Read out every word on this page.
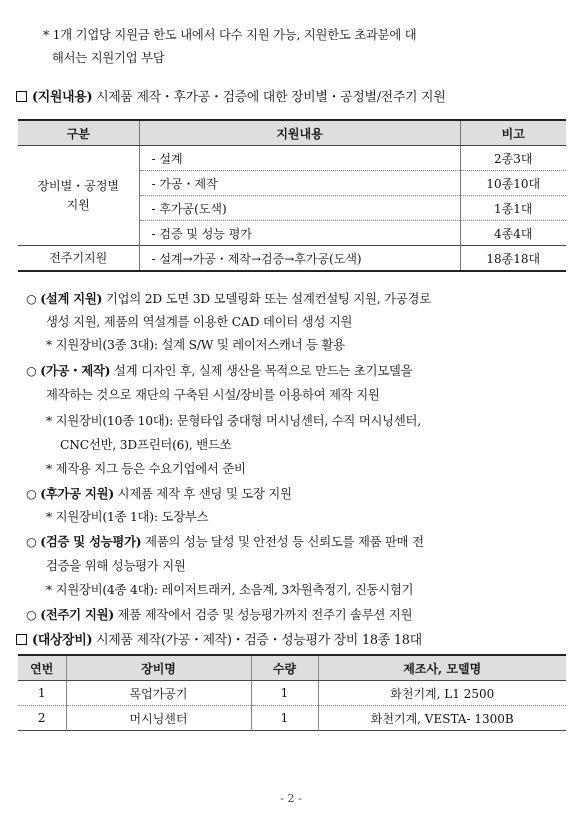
* 1개 기업당 지원금 한도 내에서 다수 지원 가능, 지원한도 초과분에 대
해서는 지원기업 부담
(지원내용) 시제품 제작・후가공・검증에 대한 장비별・공정별/전주기 지원
구분	지원내용	비고
장비별・공정별
지원	- 설계	2종3대
	- 가공・제작	10종10대
	- 후가공(도색)	1종1대
	- 검증 및 성능 평가	4종4대
전주기지원	- 설계→가공・제작→검증→후가공(도색)	18종18대
○ (설계 지원) 기업의 2D 도면 3D 모델링화 또는 설계컨설팅 지원, 가공경로
생성 지원, 제품의 역설계를 이용한 CAD 데이터 생성 지원
* 지원장비(3종 3대): 설계 S/W 및 레이저스캐너 등 활용
○ (가공・제작) 설계 디자인 후, 실제 생산을 목적으로 만드는 초기모델을
제작하는 것으로 재단의 구축된 시설/장비를 이용하여 제작 지원
* 지원장비(10종 10대): 문형타입 중대형 머시닝센터, 수직 머시닝센터,
CNC선반, 3D프린터(6), 밴드쏘
* 제작용 지그 등은 수요기업에서 준비
○ (후가공 지원) 시제품 제작 후 샌딩 및 도장 지원
* 지원장비(1종 1대): 도장부스
○ (검증 및 성능평가) 제품의 성능 달성 및 안전성 등 신뢰도를 제품 판매 전
검증을 위해 성능평가 지원
* 지원장비(4종 4대): 레이저트래커, 소음계, 3차원측정기, 진동시험기
○ (전주기 지원) 제품 제작에서 검증 및 성능평가까지 전주기 솔루션 지원
(대상장비) 시제품 제작(가공・제작)・검증・성능평가 장비 18종 18대
연번	장비명	수량	제조사, 모델명
1	목업가공기	1	화천기계, L1 2500
2	머시닝센터	1	화천기계, VESTA- 1300B
- 2 -
